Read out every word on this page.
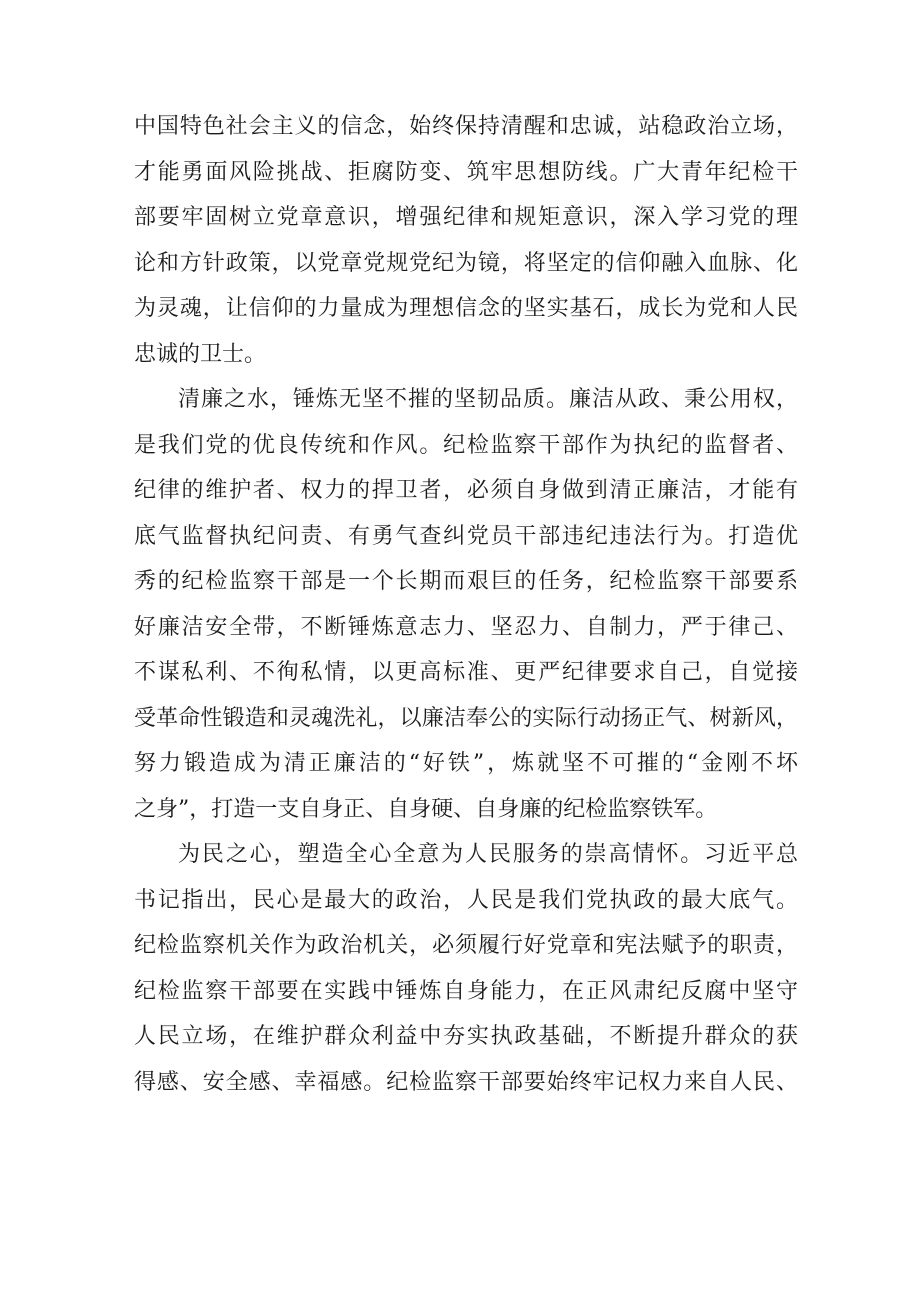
中国特色社会主义的信念，始终保持清醒和忠诚，站稳政治立场，
才能勇面风险挑战、拒腐防变、筑牢思想防线。广大青年纪检干
部要牢固树立党章意识，增强纪律和规矩意识，深入学习党的理
论和方针政策，以党章党规党纪为镜，将坚定的信仰融入血脉、化
为灵魂，让信仰的力量成为理想信念的坚实基石，成长为党和人民
忠诚的卫士。
清廉之水，锤炼无坚不摧的坚韧品质。廉洁从政、秉公用权，
是我们党的优良传统和作风。纪检监察干部作为执纪的监督者、
纪律的维护者、权力的捍卫者，必须自身做到清正廉洁，才能有
底气监督执纪问责、有勇气查纠党员干部违纪违法行为。打造优
秀的纪检监察干部是一个长期而艰巨的任务，纪检监察干部要系
好廉洁安全带，不断锤炼意志力、坚忍力、自制力，严于律己、
不谋私利、不徇私情，以更高标准、更严纪律要求自己，自觉接
受革命性锻造和灵魂洗礼，以廉洁奉公的实际行动扬正气、树新风，
努力锻造成为清正廉洁的“好铁”，炼就坚不可摧的“金刚不坏
之身”，打造一支自身正、自身硬、自身廉的纪检监察铁军。
为民之心，塑造全心全意为人民服务的崇高情怀。习近平总
书记指出，民心是最大的政治，人民是我们党执政的最大底气。
纪检监察机关作为政治机关，必须履行好党章和宪法赋予的职责，
纪检监察干部要在实践中锤炼自身能力，在正风肃纪反腐中坚守
人民立场，在维护群众利益中夯实执政基础，不断提升群众的获
得感、安全感、幸福感。纪检监察干部要始终牢记权力来自人民、
